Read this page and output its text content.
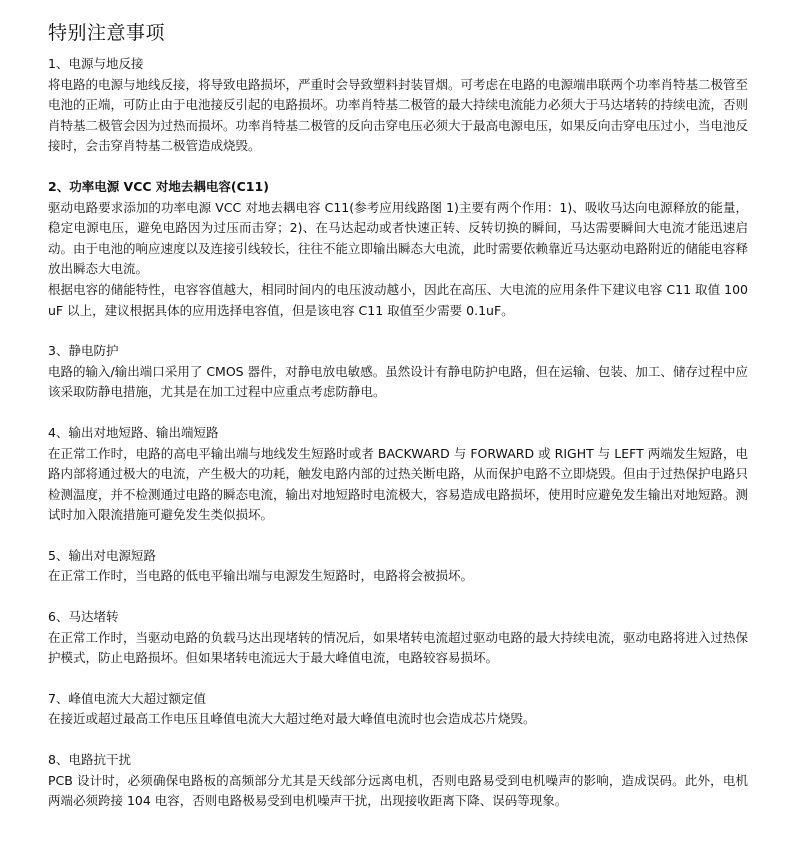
特别注意事项

1、电源与地反接

将电路的电源与地线反接，将导致电路损坏，严重时会导致塑料封装冒烟。可考虑在电路的电源端串联两个功率肖特基二极管至电池的正端，可防止由于电池接反引起的电路损坏。功率肖特基二极管的最大持续电流能力必须大于马达堵转的持续电流，否则肖特基二极管会因为过热而损坏。功率肖特基二极管的反向击穿电压必须大于最高电源电压，如果反向击穿电压过小，当电池反接时，会击穿肖特基二极管造成烧毁。

2、功率电源 VCC 对地去耦电容(C11)

驱动电路要求添加的功率电源 VCC 对地去耦电容 C11(参考应用线路图 1)主要有两个作用：1)、吸收马达向电源释放的能量，稳定电源电压，避免电路因为过压而击穿；2)、在马达起动或者快速正转、反转切换的瞬间，马达需要瞬间大电流才能迅速启动。由于电池的响应速度以及连接引线较长，往往不能立即输出瞬态大电流，此时需要依赖靠近马达驱动电路附近的储能电容释放出瞬态大电流。

根据电容的储能特性，电容容值越大，相同时间内的电压波动越小，因此在高压、大电流的应用条件下建议电容 C11 取值 100uF 以上，建议根据具体的应用选择电容值，但是该电容 C11 取值至少需要 0.1uF。

3、静电防护

电路的输入/输出端口采用了 CMOS 器件，对静电放电敏感。虽然设计有静电防护电路，但在运输、包装、加工、储存过程中应该采取防静电措施，尤其是在加工过程中应重点考虑防静电。

4、输出对地短路、输出端短路

在正常工作时，电路的高电平输出端与地线发生短路时或者 BACKWARD 与 FORWARD 或 RIGHT 与 LEFT 两端发生短路，电路内部将通过极大的电流，产生极大的功耗，触发电路内部的过热关断电路，从而保护电路不立即烧毁。但由于过热保护电路只检测温度，并不检测通过电路的瞬态电流，输出对地短路时电流极大，容易造成电路损坏，使用时应避免发生输出对地短路。测试时加入限流措施可避免发生类似损坏。

5、输出对电源短路

在正常工作时，当电路的低电平输出端与电源发生短路时，电路将会被损坏。

6、马达堵转

在正常工作时，当驱动电路的负载马达出现堵转的情况后，如果堵转电流超过驱动电路的最大持续电流，驱动电路将进入过热保护模式，防止电路损坏。但如果堵转电流远大于最大峰值电流，电路较容易损坏。

7、峰值电流大大超过额定值

在接近或超过最高工作电压且峰值电流大大超过绝对最大峰值电流时也会造成芯片烧毁。

8、电路抗干扰

PCB 设计时，必须确保电路板的高频部分尤其是天线部分远离电机，否则电路易受到电机噪声的影响，造成误码。此外，电机两端必须跨接 104 电容，否则电路极易受到电机噪声干扰，出现接收距离下降、误码等现象。
